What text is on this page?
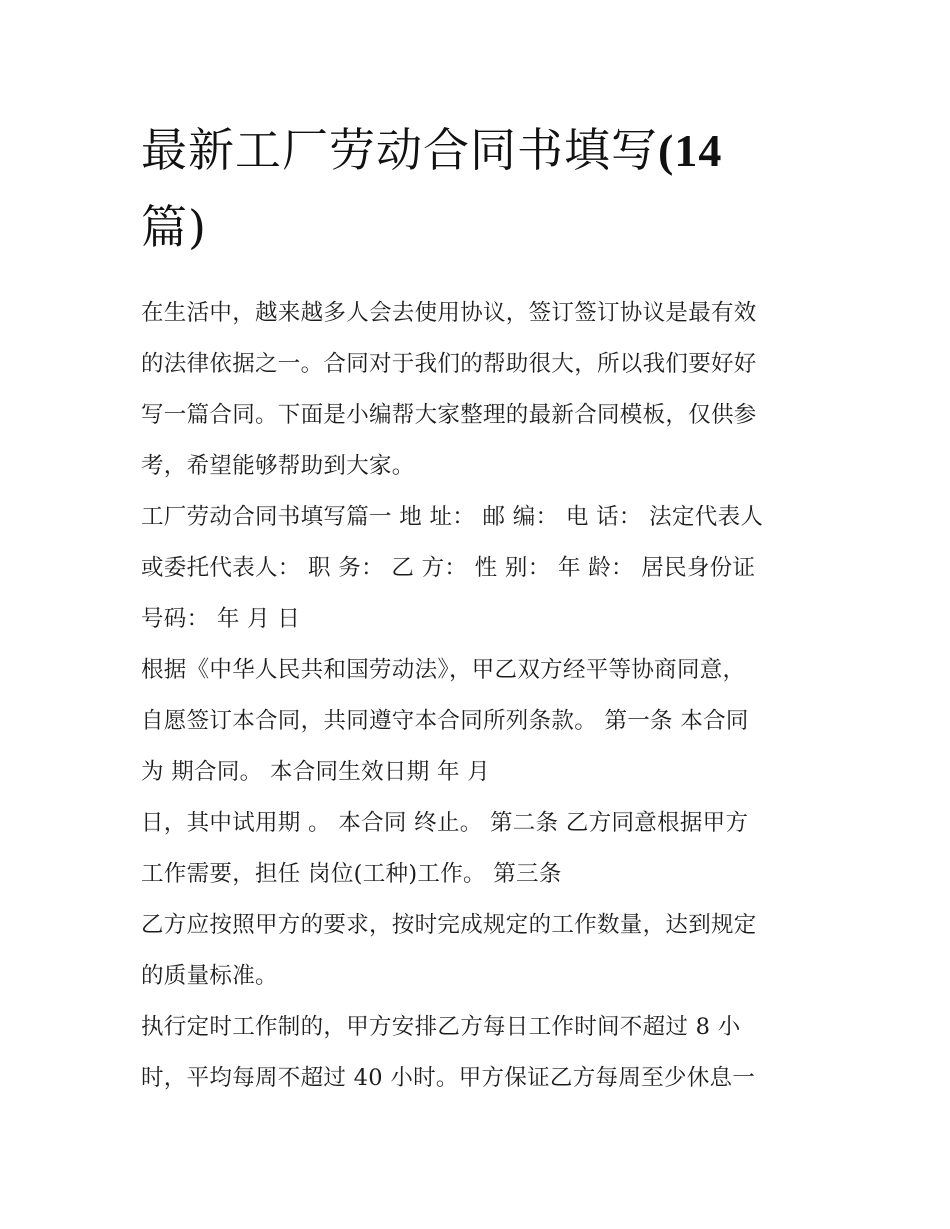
最新工厂劳动合同书填写(14
篇)

在生活中，越来越多人会去使用协议，签订签订协议是最有效
的法律依据之一。合同对于我们的帮助很大，所以我们要好好
写一篇合同。下面是小编帮大家整理的最新合同模板，仅供参
考，希望能够帮助到大家。

工厂劳动合同书填写篇一 地 址： 邮 编： 电 话： 法定代表人
或委托代表人： 职 务： 乙 方： 性 别： 年 龄： 居民身份证
号码： 年 月 日

根据《中华人民共和国劳动法》，甲乙双方经平等协商同意，
自愿签订本合同，共同遵守本合同所列条款。 第一条 本合同
为 期合同。 本合同生效日期 年 月

日，其中试用期 。 本合同 终止。 第二条 乙方同意根据甲方
工作需要，担任 岗位(工种)工作。 第三条

乙方应按照甲方的要求，按时完成规定的工作数量，达到规定
的质量标准。

执行定时工作制的，甲方安排乙方每日工作时间不超过 8 小
时，平均每周不超过 40 小时。甲方保证乙方每周至少休息一
